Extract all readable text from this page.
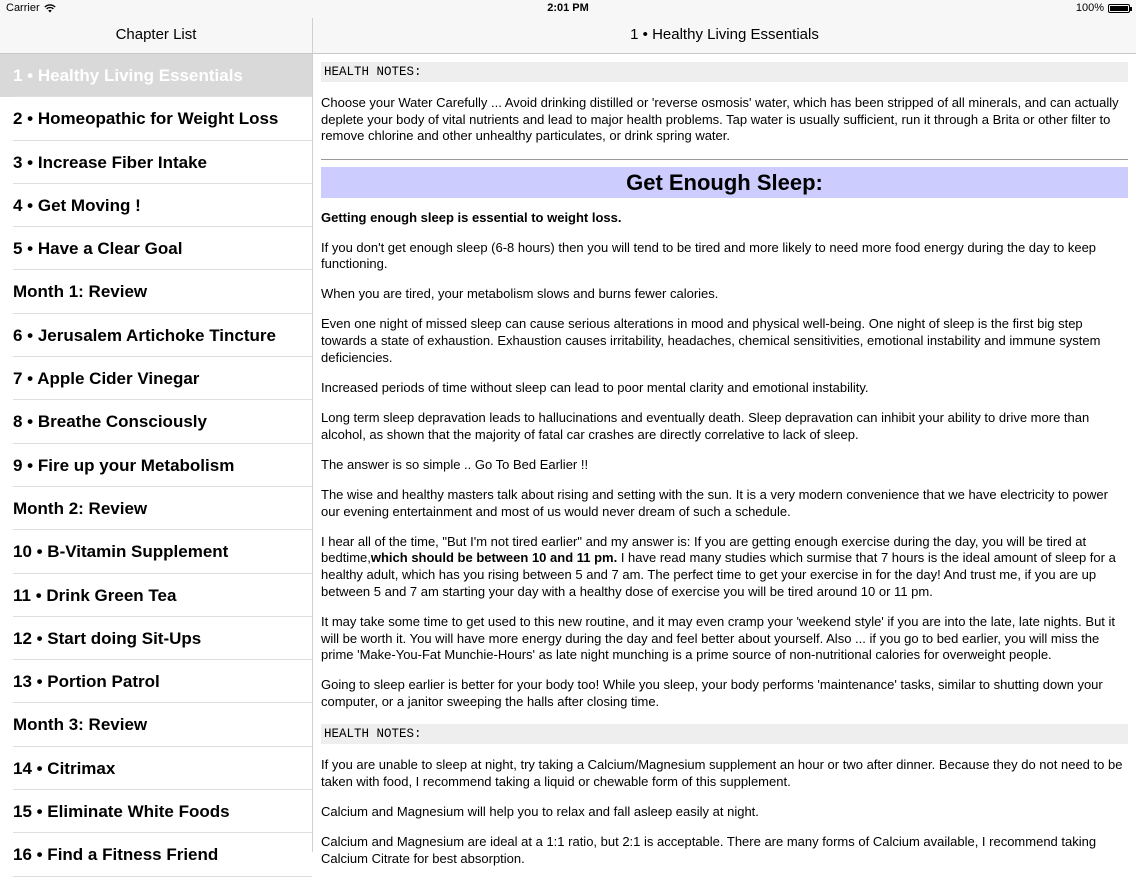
Carrier	2:01 PM	100%
Chapter List
1 • Healthy Living Essentials
2 • Homeopathic for Weight Loss
3 • Increase Fiber Intake
4 • Get Moving !
5 • Have a Clear Goal
Month 1: Review
6 • Jerusalem Artichoke Tincture
7 • Apple Cider Vinegar
8 • Breathe Consciously
9 • Fire up your Metabolism
Month 2: Review
10 • B-Vitamin Supplement
11 • Drink Green Tea
12 • Start doing Sit-Ups
13 • Portion Patrol
Month 3: Review
14 • Citrimax
15 • Eliminate White Foods
16 • Find a Fitness Friend
1 • Healthy Living Essentials
HEALTH NOTES:

Choose your Water Carefully ... Avoid drinking distilled or 'reverse osmosis' water, which has been stripped of all minerals, and can actually deplete your body of vital nutrients and lead to major health problems. Tap water is usually sufficient, run it through a Brita or other filter to remove chlorine and other unhealthy particulates, or drink spring water.

Get Enough Sleep:

Getting enough sleep is essential to weight loss.

If you don't get enough sleep (6-8 hours) then you will tend to be tired and more likely to need more food energy during the day to keep functioning.

When you are tired, your metabolism slows and burns fewer calories.

Even one night of missed sleep can cause serious alterations in mood and physical well-being. One night of sleep is the first big step towards a state of exhaustion. Exhaustion causes irritability, headaches, chemical sensitivities, emotional instability and immune system deficiencies.

Increased periods of time without sleep can lead to poor mental clarity and emotional instability.

Long term sleep depravation leads to hallucinations and eventually death. Sleep depravation can inhibit your ability to drive more than alcohol, as shown that the majority of fatal car crashes are directly correlative to lack of sleep.

The answer is so simple .. Go To Bed Earlier !!

The wise and healthy masters talk about rising and setting with the sun. It is a very modern convenience that we have electricity to power our evening entertainment and most of us would never dream of such a schedule.

I hear all of the time, "But I'm not tired earlier" and my answer is: If you are getting enough exercise during the day, you will be tired at bedtime,which should be between 10 and 11 pm. I have read many studies which surmise that 7 hours is the ideal amount of sleep for a healthy adult, which has you rising between 5 and 7 am. The perfect time to get your exercise in for the day! And trust me, if you are up between 5 and 7 am starting your day with a healthy dose of exercise you will be tired around 10 or 11 pm.

It may take some time to get used to this new routine, and it may even cramp your 'weekend style' if you are into the late, late nights. But it will be worth it. You will have more energy during the day and feel better about yourself. Also ... if you go to bed earlier, you will miss the prime 'Make-You-Fat Munchie-Hours' as late night munching is a prime source of non-nutritional calories for overweight people.

Going to sleep earlier is better for your body too! While you sleep, your body performs 'maintenance' tasks, similar to shutting down your computer, or a janitor sweeping the halls after closing time.

HEALTH NOTES:

If you are unable to sleep at night, try taking a Calcium/Magnesium supplement an hour or two after dinner. Because they do not need to be taken with food, I recommend taking a liquid or chewable form of this supplement.

Calcium and Magnesium will help you to relax and fall asleep easily at night.

Calcium and Magnesium are ideal at a 1:1 ratio, but 2:1 is acceptable. There are many forms of Calcium available, I recommend taking Calcium Citrate for best absorption.
